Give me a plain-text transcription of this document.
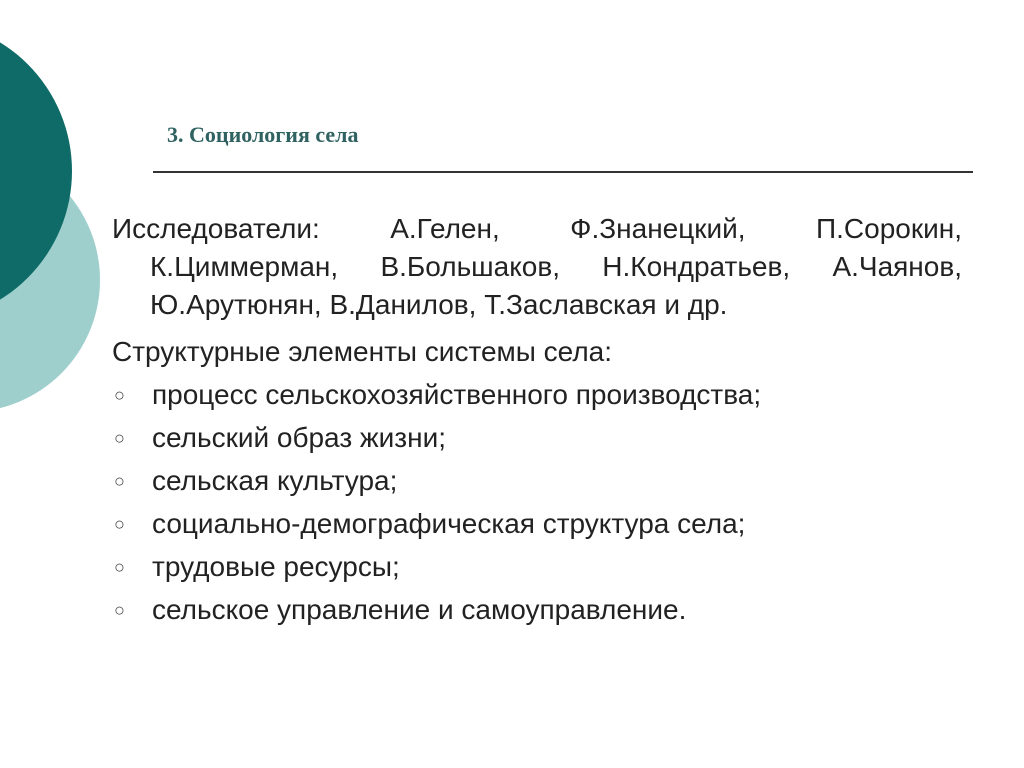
3. Социология села

Исследователи: А.Гелен, Ф.Знанецкий, П.Сорокин, К.Циммерман, В.Большаков, Н.Кондратьев, А.Чаянов, Ю.Арутюнян, В.Данилов, Т.Заславская и др.

Структурные элементы системы села:

○ процесс сельскохозяйственного производства;
○ сельский образ жизни;
○ сельская культура;
○ социально-демографическая структура села;
○ трудовые ресурсы;
○ сельское управление и самоуправление.
